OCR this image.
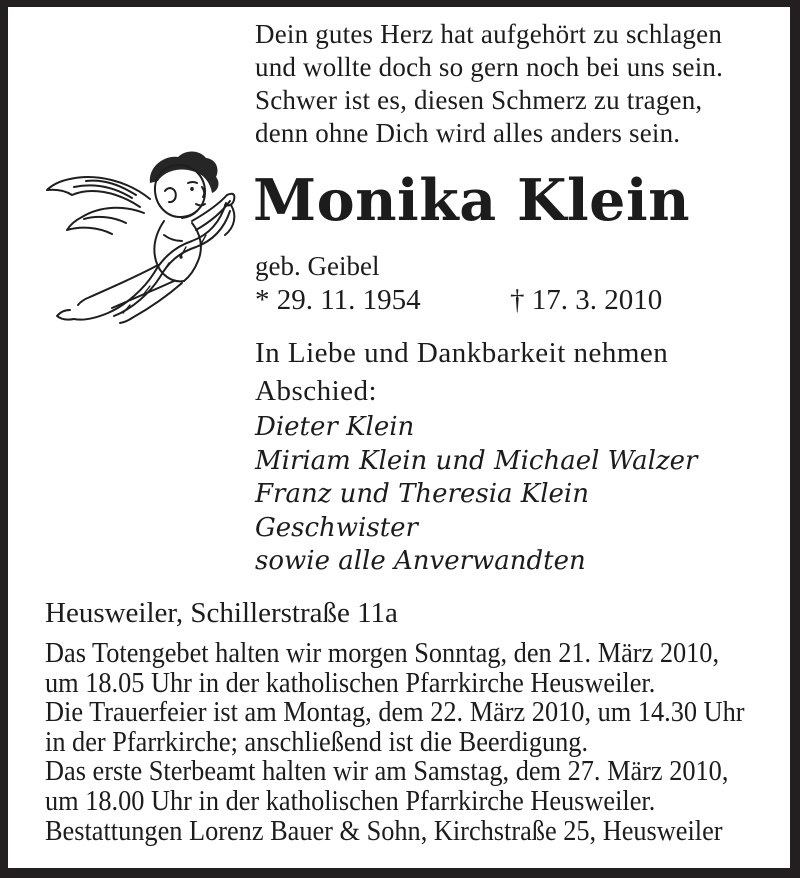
Dein gutes Herz hat aufgehört zu schlagen
und wollte doch so gern noch bei uns sein.
Schwer ist es, diesen Schmerz zu tragen,
denn ohne Dich wird alles anders sein.
Monika Klein
geb. Geibel
* 29. 11. 1954	† 17. 3. 2010
In Liebe und Dankbarkeit nehmen
Abschied:
Dieter Klein
Miriam Klein und Michael Walzer
Franz und Theresia Klein
Geschwister
sowie alle Anverwandten
Heusweiler, Schillerstraße 11a
Das Totengebet halten wir morgen Sonntag, den 21. März 2010,
um 18.05 Uhr in der katholischen Pfarrkirche Heusweiler.
Die Trauerfeier ist am Montag, dem 22. März 2010, um 14.30 Uhr
in der Pfarrkirche; anschließend ist die Beerdigung.
Das erste Sterbeamt halten wir am Samstag, dem 27. März 2010,
um 18.00 Uhr in der katholischen Pfarrkirche Heusweiler.
Bestattungen Lorenz Bauer & Sohn, Kirchstraße 25, Heusweiler
